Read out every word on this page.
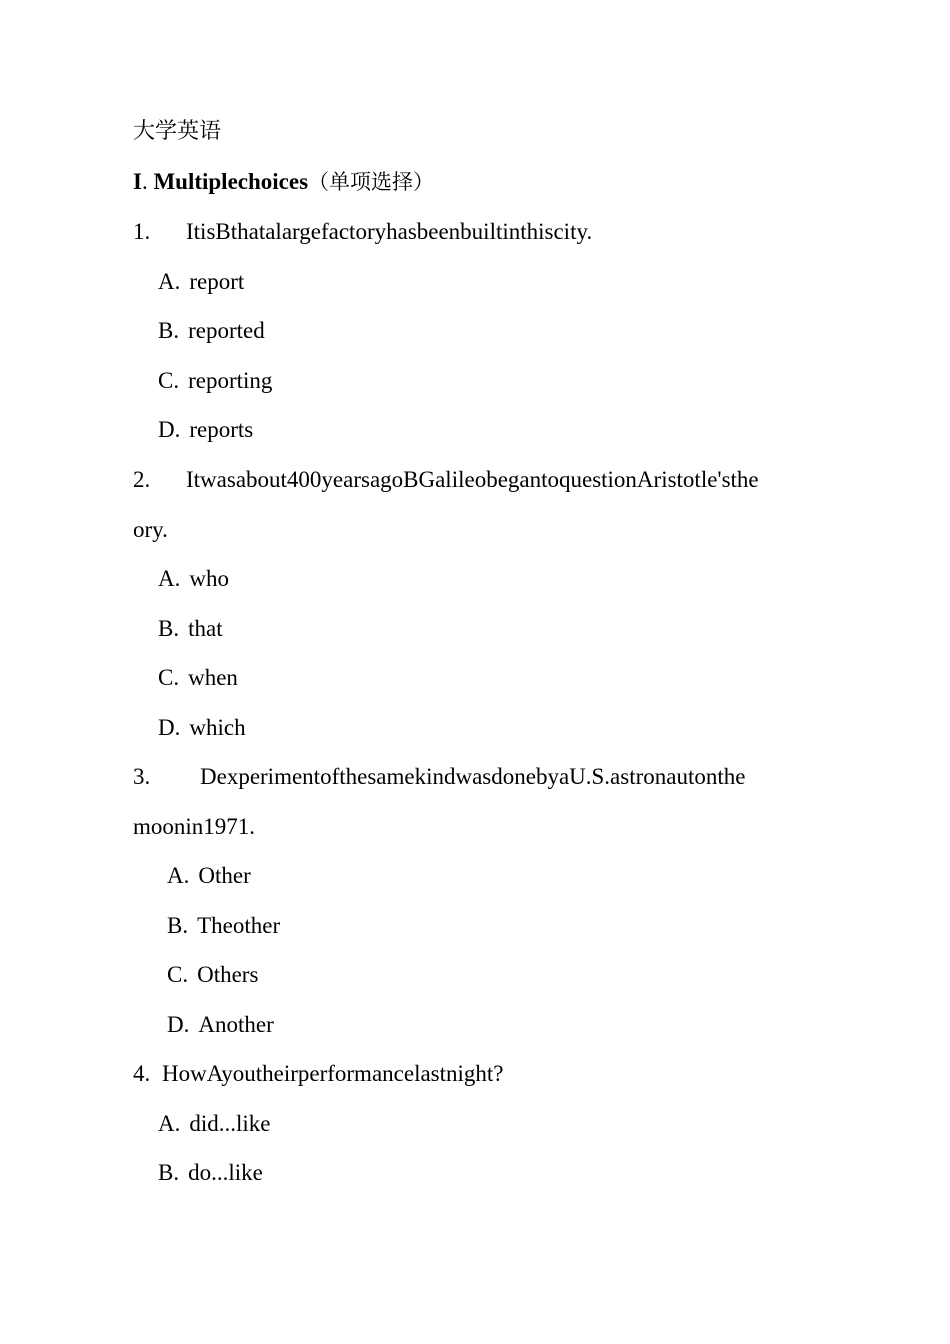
大学英语
I. Multiplechoices（单项选择）
1. ItisBthatalargefactoryhasbeenbuiltinthiscity.
A. report
B. reported
C. reporting
D. reports
2. Itwasabout400yearsagoBGalileobegantoquestionAristotle'sthe
ory.
A. who
B. that
C. when
D. which
3. DexperimentofthesamekindwasdonebyaU.S.astronautonthe
moonin1971.
A. Other
B. Theother
C. Others
D. Another
4. HowAyoutheirperformancelastnight?
A. did...like
B. do...like
